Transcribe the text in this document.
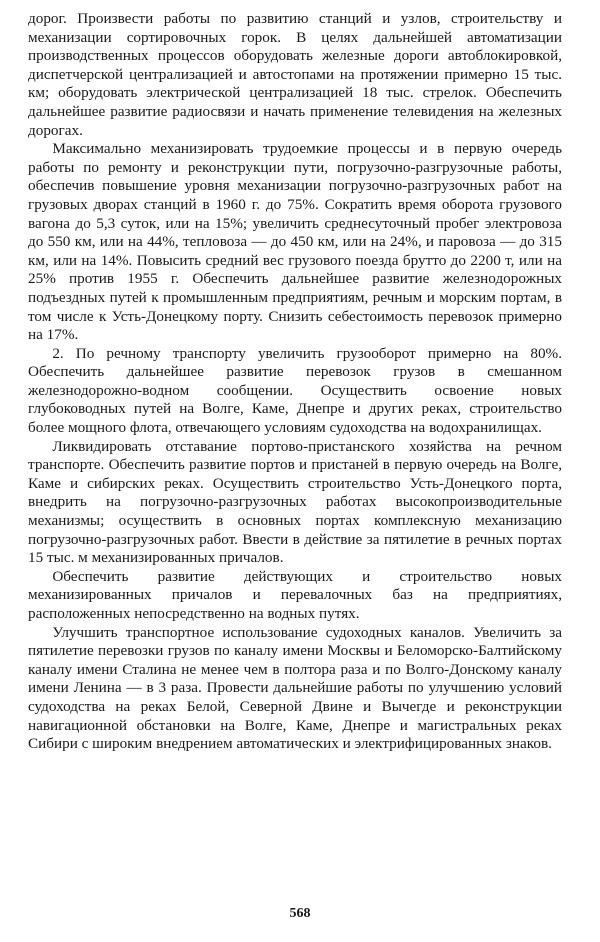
дорог. Произвести работы по развитию станций и узлов, строительству и механизации сортировочных горок. В целях дальнейшей автоматизации производственных процессов оборудовать железные дороги автоблокировкой, диспетчерской централизацией и автостопами на протяжении примерно 15 тыс. км; оборудовать электрической централизацией 18 тыс. стрелок. Обеспечить дальнейшее развитие радиосвязи и начать применение телевидения на железных дорогах.

Максимально механизировать трудоемкие процессы и в первую очередь работы по ремонту и реконструкции пути, погрузочно-разгрузочные работы, обеспечив повышение уровня механизации погрузочно-разгрузочных работ на грузовых дворах станций в 1960 г. до 75%. Сократить время оборота грузового вагона до 5,3 суток, или на 15%; увеличить среднесуточный пробег электровоза до 550 км, или на 44%, тепловоза — до 450 км, или на 24%, и паровоза — до 315 км, или на 14%. Повысить средний вес грузового поезда брутто до 2200 т, или на 25% против 1955 г. Обеспечить дальнейшее развитие железнодорожных подъездных путей к промышленным предприятиям, речным и морским портам, в том числе к Усть-Донецкому порту. Снизить себестоимость перевозок примерно на 17%.

2. По речному транспорту увеличить грузооборот примерно на 80%. Обеспечить дальнейшее развитие перевозок грузов в смешанном железнодорожно-водном сообщении. Осуществить освоение новых глубоководных путей на Волге, Каме, Днепре и других реках, строительство более мощного флота, отвечающего условиям судоходства на водохранилищах.

Ликвидировать отставание портово-пристанского хозяйства на речном транспорте. Обеспечить развитие портов и пристаней в первую очередь на Волге, Каме и сибирских реках. Осуществить строительство Усть-Донецкого порта, внедрить на погрузочно-разгрузочных работах высокопроизводительные механизмы; осуществить в основных портах комплексную механизацию погрузочно-разгрузочных работ. Ввести в действие за пятилетие в речных портах 15 тыс. м механизированных причалов.

Обеспечить развитие действующих и строительство новых механизированных причалов и перевалочных баз на предприятиях, расположенных непосредственно на водных путях.

Улучшить транспортное использование судоходных каналов. Увеличить за пятилетие перевозки грузов по каналу имени Москвы и Беломорско-Балтийскому каналу имени Сталина не менее чем в полтора раза и по Волго-Донскому каналу имени Ленина — в 3 раза. Провести дальнейшие работы по улучшению условий судоходства на реках Белой, Северной Двине и Вычегде и реконструкции навигационной обстановки на Волге, Каме, Днепре и магистральных реках Сибири с широким внедрением автоматических и электрифицированных знаков.

568
